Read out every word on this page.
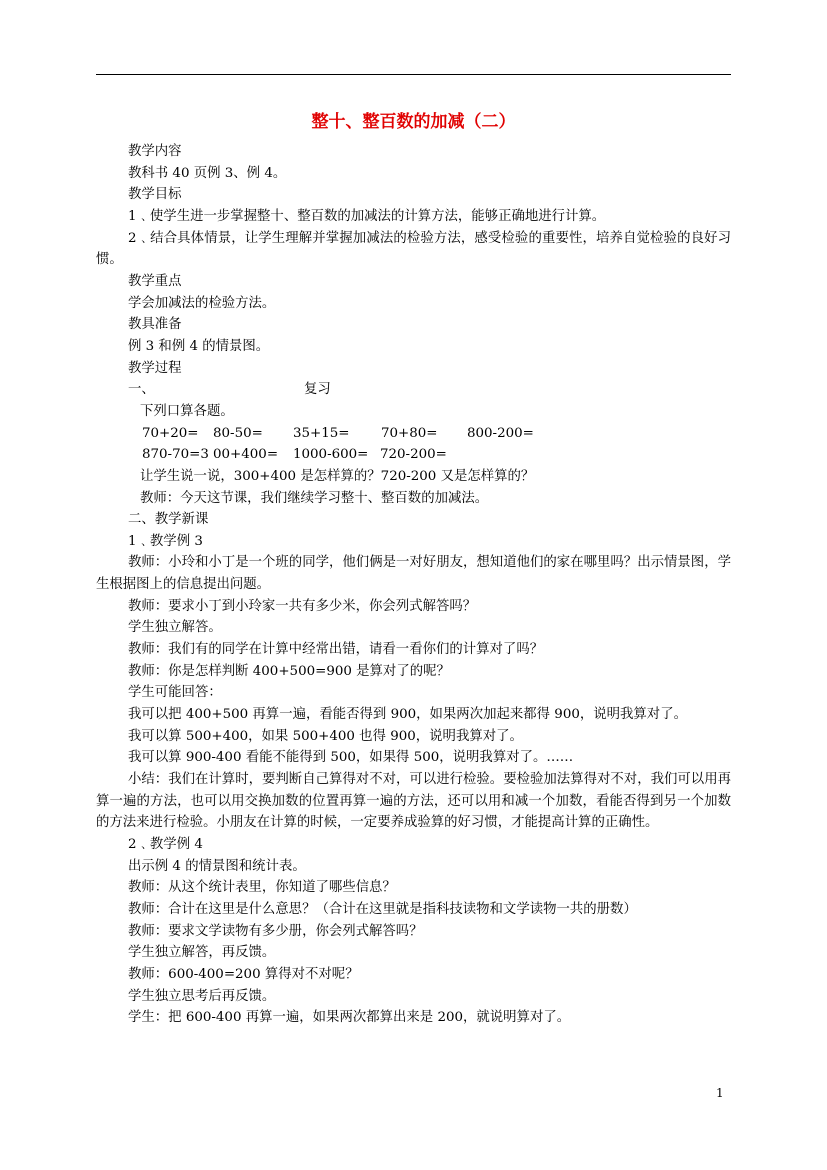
整十、整百数的加减（二）
教学内容
教科书 40 页例 3、例 4。
教学目标
1﹑使学生进一步掌握整十、整百数的加减法的计算方法，能够正确地进行计算。
2﹑结合具体情景，让学生理解并掌握加减法的检验方法，感受检验的重要性，培养自觉检验的良好习惯。
教学重点
学会加减法的检验方法。
教具准备
例 3 和例 4 的情景图。
教学过程
一、	复习
下列口算各题。
70+20=	80-50=	35+15=	70+80=	800-200=
870-70=3 00+400=	1000-600= 720-200=
让学生说一说，300+400 是怎样算的？720-200 又是怎样算的？
教师：今天这节课，我们继续学习整十、整百数的加减法。
二、教学新课
1﹑教学例 3
教师：小玲和小丁是一个班的同学，他们俩是一对好朋友，想知道他们的家在哪里吗？出示情景图，学生根据图上的信息提出问题。
教师：要求小丁到小玲家一共有多少米，你会列式解答吗？
学生独立解答。
教师：我们有的同学在计算中经常出错，请看一看你们的计算对了吗？
教师：你是怎样判断 400+500=900 是算对了的呢？
学生可能回答：
我可以把 400+500 再算一遍，看能否得到 900，如果两次加起来都得 900，说明我算对了。
我可以算 500+400，如果 500+400 也得 900，说明我算对了。
我可以算 900-400 看能不能得到 500，如果得 500，说明我算对了。……
小结：我们在计算时，要判断自己算得对不对，可以进行检验。要检验加法算得对不对，我们可以用再算一遍的方法，也可以用交换加数的位置再算一遍的方法，还可以用和减一个加数，看能否得到另一个加数的方法来进行检验。小朋友在计算的时候，一定要养成验算的好习惯，才能提高计算的正确性。
2﹑教学例 4
出示例 4 的情景图和统计表。
教师：从这个统计表里，你知道了哪些信息？
教师：合计在这里是什么意思？（合计在这里就是指科技读物和文学读物一共的册数）
教师：要求文学读物有多少册，你会列式解答吗？
学生独立解答，再反馈。
教师：600-400=200 算得对不对呢？
学生独立思考后再反馈。
学生：把 600-400 再算一遍，如果两次都算出来是 200，就说明算对了。
1
